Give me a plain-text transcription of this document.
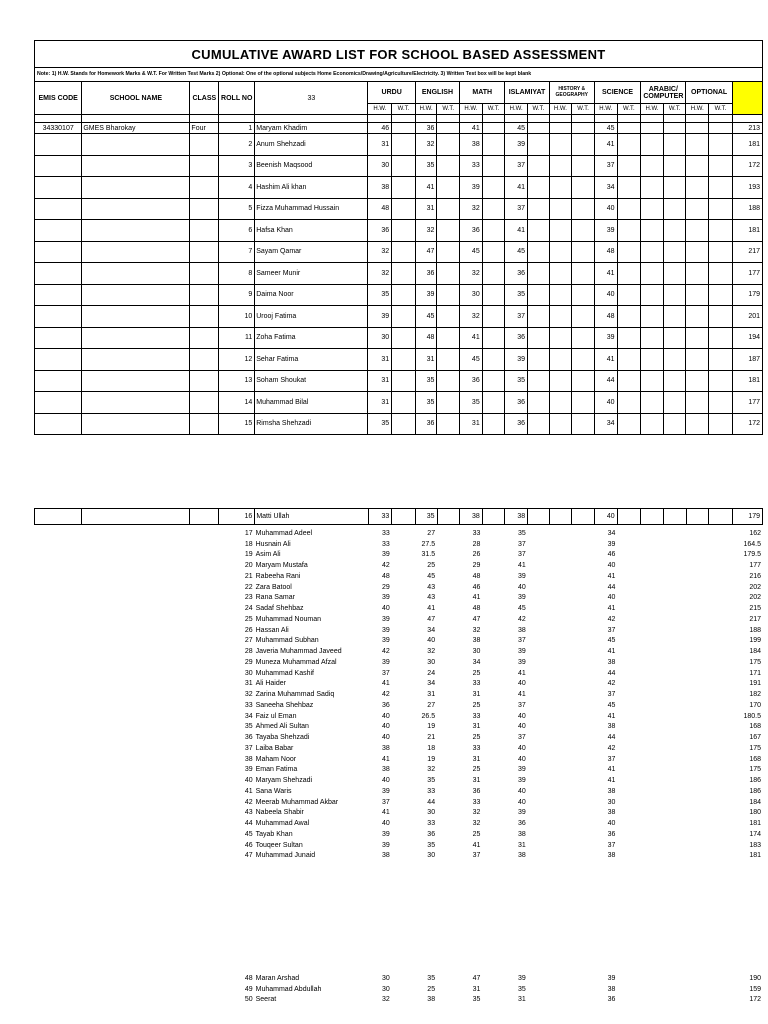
CUMULATIVE AWARD LIST FOR SCHOOL BASED ASSESSMENT																					
Note: 1) H.W. Stands for Homework Marks & W.T. For Written Test Marks 2) Optional: One of the optional subjects Home Economics/Drawing/Agriculture/Electricity. 3) Written Test box will be kept blank																					
EMIS CODE	SCHOOL NAME	CLASS	ROLL NO	33	URDU		ENGLISH		MATH		ISLAMIYAT		HISTORY & GEOGRAPHY		SCIENCE		ARABIC/ COMPUTER		OPTIONAL		Total
					H.W.	W.T.	H.W.	W.T.	H.W.	W.T.	H.W.	W.T.	H.W.	W.T.	H.W.	W.T.	H.W.	W.T.	H.W.	W.T.	

34330107	GMES Bharokay	Four	1	Maryam Khadim	46		36		41		45				45						213
			2	Anum Shehzadi	31		32		38		39				41						181
			3	Beenish Maqsood	30		35		33		37				37						172
			4	Hashim Ali khan	38		41		39		41				34						193
			5	Fizza Muhammad Hussain	48		31		32		37				40						188
			6	Hafsa Khan	36		32		36		41				39						181
			7	Sayam Qamar	32		47		45		45				48						217
			8	Sameer Munir	32		36		32		36				41						177
			9	Daima Noor	35		39		30		35				40						179
			10	Urooj Fatima	39		45		32		37				48						201
			11	Zoha Fatima	30		48		41		36				39						194
			12	Sehar Fatima	31		31		45		39				41						187
			13	Soham Shoukat	31		35		36		35				44						181
			14	Muhammad Bilal	31		35		35		36				40						177
			15	Rimsha Shehzadi	35		36		31		36				34						172
			16	Matti Ullah	33		35		38		38				40						179
			17	Muhammad Adeel	33		27		33		35				34						162
			18	Husnain Ali	33		27.5		28		37				39						164.5
			19	Asim Ali	39		31.5		26		37				46						179.5
			20	Maryam Mustafa	42		25		29		41				40						177
			21	Rabeeha Rani	48		45		48		39				41						216
			22	Zara Batool	29		43		46		40				44						202
			23	Rana Samar	39		43		41		39				40						202
			24	Sadaf Shehbaz	40		41		48		45				41						215
			25	Muhammad Nouman	39		47		47		42				42						217
			26	Hassan Ali	39		34		32		38				37						188
			27	Muhammad Subhan	39		40		38		37				45						199
			28	Javeria Muhammad Javeed	42		32		30		39				41						184
			29	Muneza Muhammad Afzal	39		30		34		39				38						175
			30	Muhammad Kashif	37		24		25		41				44						171
			31	Ali Haider	41		34		33		40				42						191
			32	Zarina Muhammad Sadiq	42		31		31		41				37						182
			33	Saneeha Shehbaz	36		27		25		37				45						170
			34	Faiz ul Eman	40		26.5		33		40				41						180.5
			35	Ahmed Ali Sultan	40		19		31		40				38						168
			36	Tayaba Shehzadi	40		21		25		37				44						167
			37	Laiba Babar	38		18		33		40				42						175
			38	Maham Noor	41		19		31		40				37						168
			39	Eman Fatima	38		32		25		39				41						175
			40	Maryam Shehzadi	40		35		31		39				41						186
			41	Sana Waris	39		33		36		40				38						186
			42	Meerab Muhammad Akbar	37		44		33		40				30						184
			43	Nabeela Shabir	41		30		32		39				38						180
			44	Muhammad Awal	40		33		32		36				40						181
			45	Tayab Khan	39		36		25		38				36						174
			46	Touqeer Sultan	39		35		41		31				37						183
			47	Muhammad Junaid	38		30		37		38				38						181
			48	Maran Arshad	30		35		47		39				39						190
			49	Muhammad Abdullah	30		25		31		35				38						159
			50	Seerat	32		38		35		31				36						172
